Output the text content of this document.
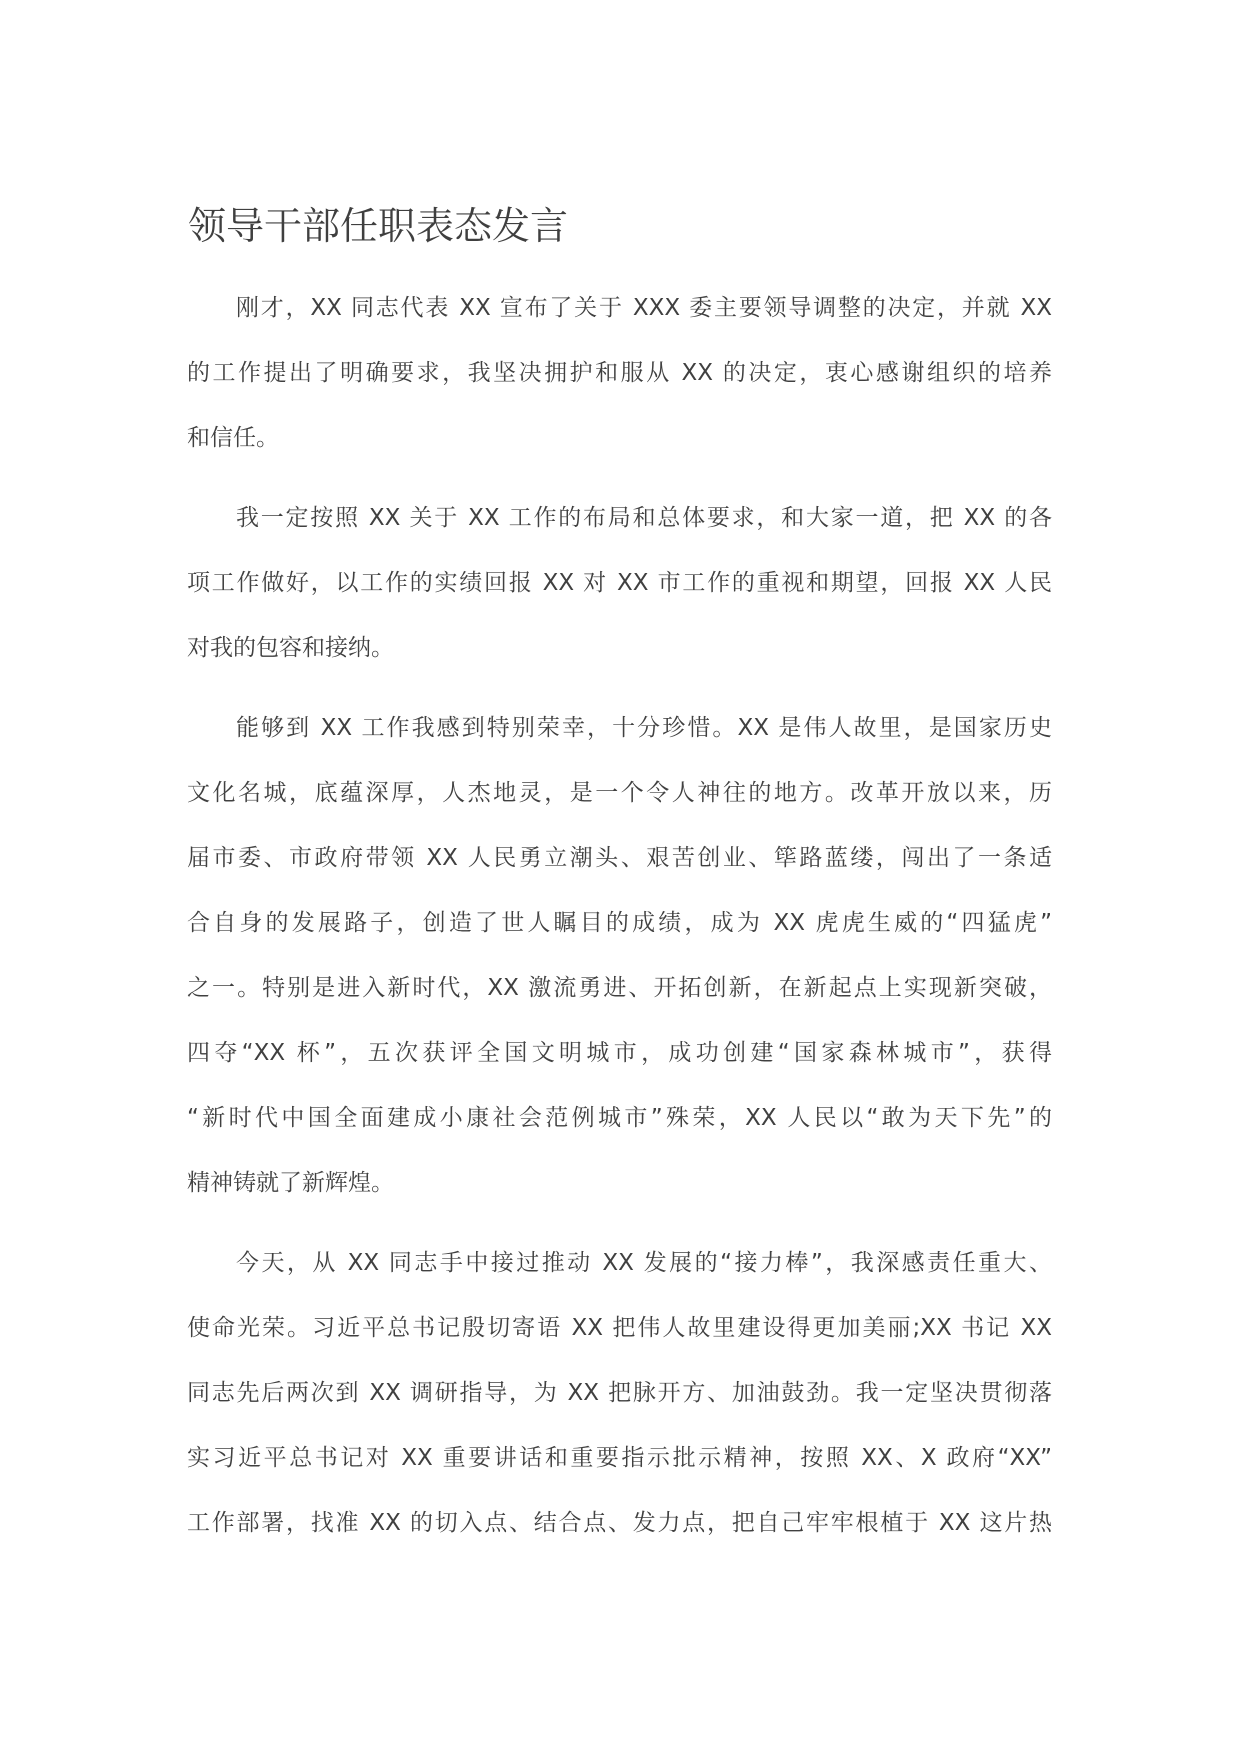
领导干部任职表态发言

刚才，XX 同志代表 XX 宣布了关于 XXX 委主要领导调整的决定，并就 XX
的工作提出了明确要求，我坚决拥护和服从 XX 的决定，衷心感谢组织的培养
和信任。

我一定按照 XX 关于 XX 工作的布局和总体要求，和大家一道，把 XX 的各
项工作做好，以工作的实绩回报 XX 对 XX 市工作的重视和期望，回报 XX 人民
对我的包容和接纳。

能够到 XX 工作我感到特别荣幸，十分珍惜。XX 是伟人故里，是国家历史
文化名城，底蕴深厚，人杰地灵，是一个令人神往的地方。改革开放以来，历
届市委、市政府带领 XX 人民勇立潮头、艰苦创业、筚路蓝缕，闯出了一条适
合自身的发展路子，创造了世人瞩目的成绩，成为 XX 虎虎生威的“四猛虎”
之一。特别是进入新时代，XX 激流勇进、开拓创新，在新起点上实现新突破，
四夺“XX 杯”，五次获评全国文明城市，成功创建“国家森林城市”，获得
“新时代中国全面建成小康社会范例城市”殊荣，XX 人民以“敢为天下先”的
精神铸就了新辉煌。

今天，从 XX 同志手中接过推动 XX 发展的“接力棒”，我深感责任重大、
使命光荣。习近平总书记殷切寄语 XX 把伟人故里建设得更加美丽;XX 书记 XX
同志先后两次到 XX 调研指导，为 XX 把脉开方、加油鼓劲。我一定坚决贯彻落
实习近平总书记对 XX 重要讲话和重要指示批示精神，按照 XX、X 政府“XX”
工作部署，找准 XX 的切入点、结合点、发力点，把自己牢牢根植于 XX 这片热
